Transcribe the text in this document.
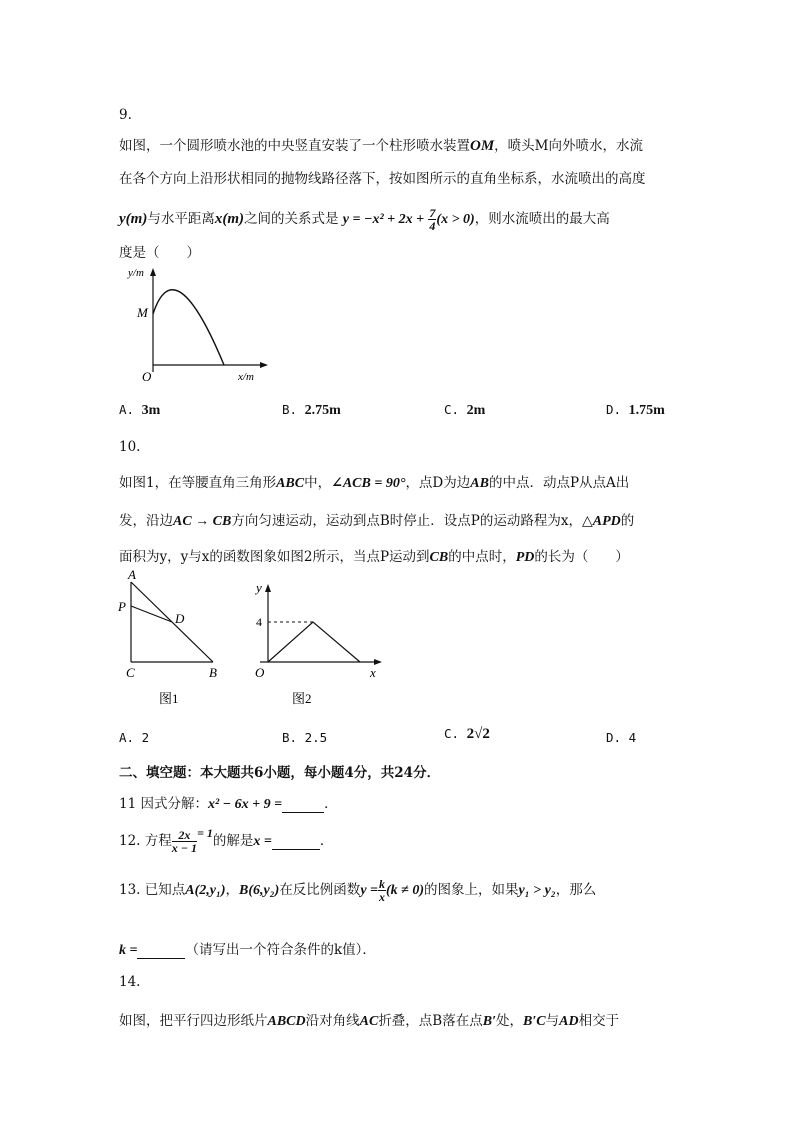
9.
如图，一个圆形喷水池的中央竖直安装了一个柱形喷水装置OM，喷头M向外喷水，水流
在各个方向上沿形状相同的抛物线路径落下，按如图所示的直角坐标系，水流喷出的高度
y(m)与水平距离x(m)之间的关系式是 $y = -x^2 + 2x + \frac{7}{4} (x > 0)$，则水流喷出的最大高
度是（　　）
y/m
M
O	x/m
A. 3m	B. 2.75m	C. 2m	D. 1.75m
10.
如图1，在等腰直角三角形ABC中，∠ACB = 90°，点D为边AB的中点．动点P从点A出
发，沿边AC → CB方向匀速运动，运动到点B时停止．设点P的运动路程为x，△APD的
面积为y，y与x的函数图象如图2所示，当点P运动到CB的中点时，PD的长为（　　）
A
P
D
C	B
图1
y
4
O	x
图2
A. 2	B. 2.5	C. 2√2	D. 4
二、填空题：本大题共6小题，每小题4分，共24分．
11 因式分解：x² − 6x + 9 =	．
12. 方程 $\frac{2x}{x - 1} = 1$的解是x =	．
13. 已知点A(2,y₁)，B(6,y₂)在反比例函数$y = \frac{k}{x} (k \ne 0)$的图象上，如果y₁ > y₂，那么
k =	（请写出一个符合条件的k值）．
14.
如图，把平行四边形纸片ABCD沿对角线AC折叠，点B落在点B′处，B′C与AD相交于
